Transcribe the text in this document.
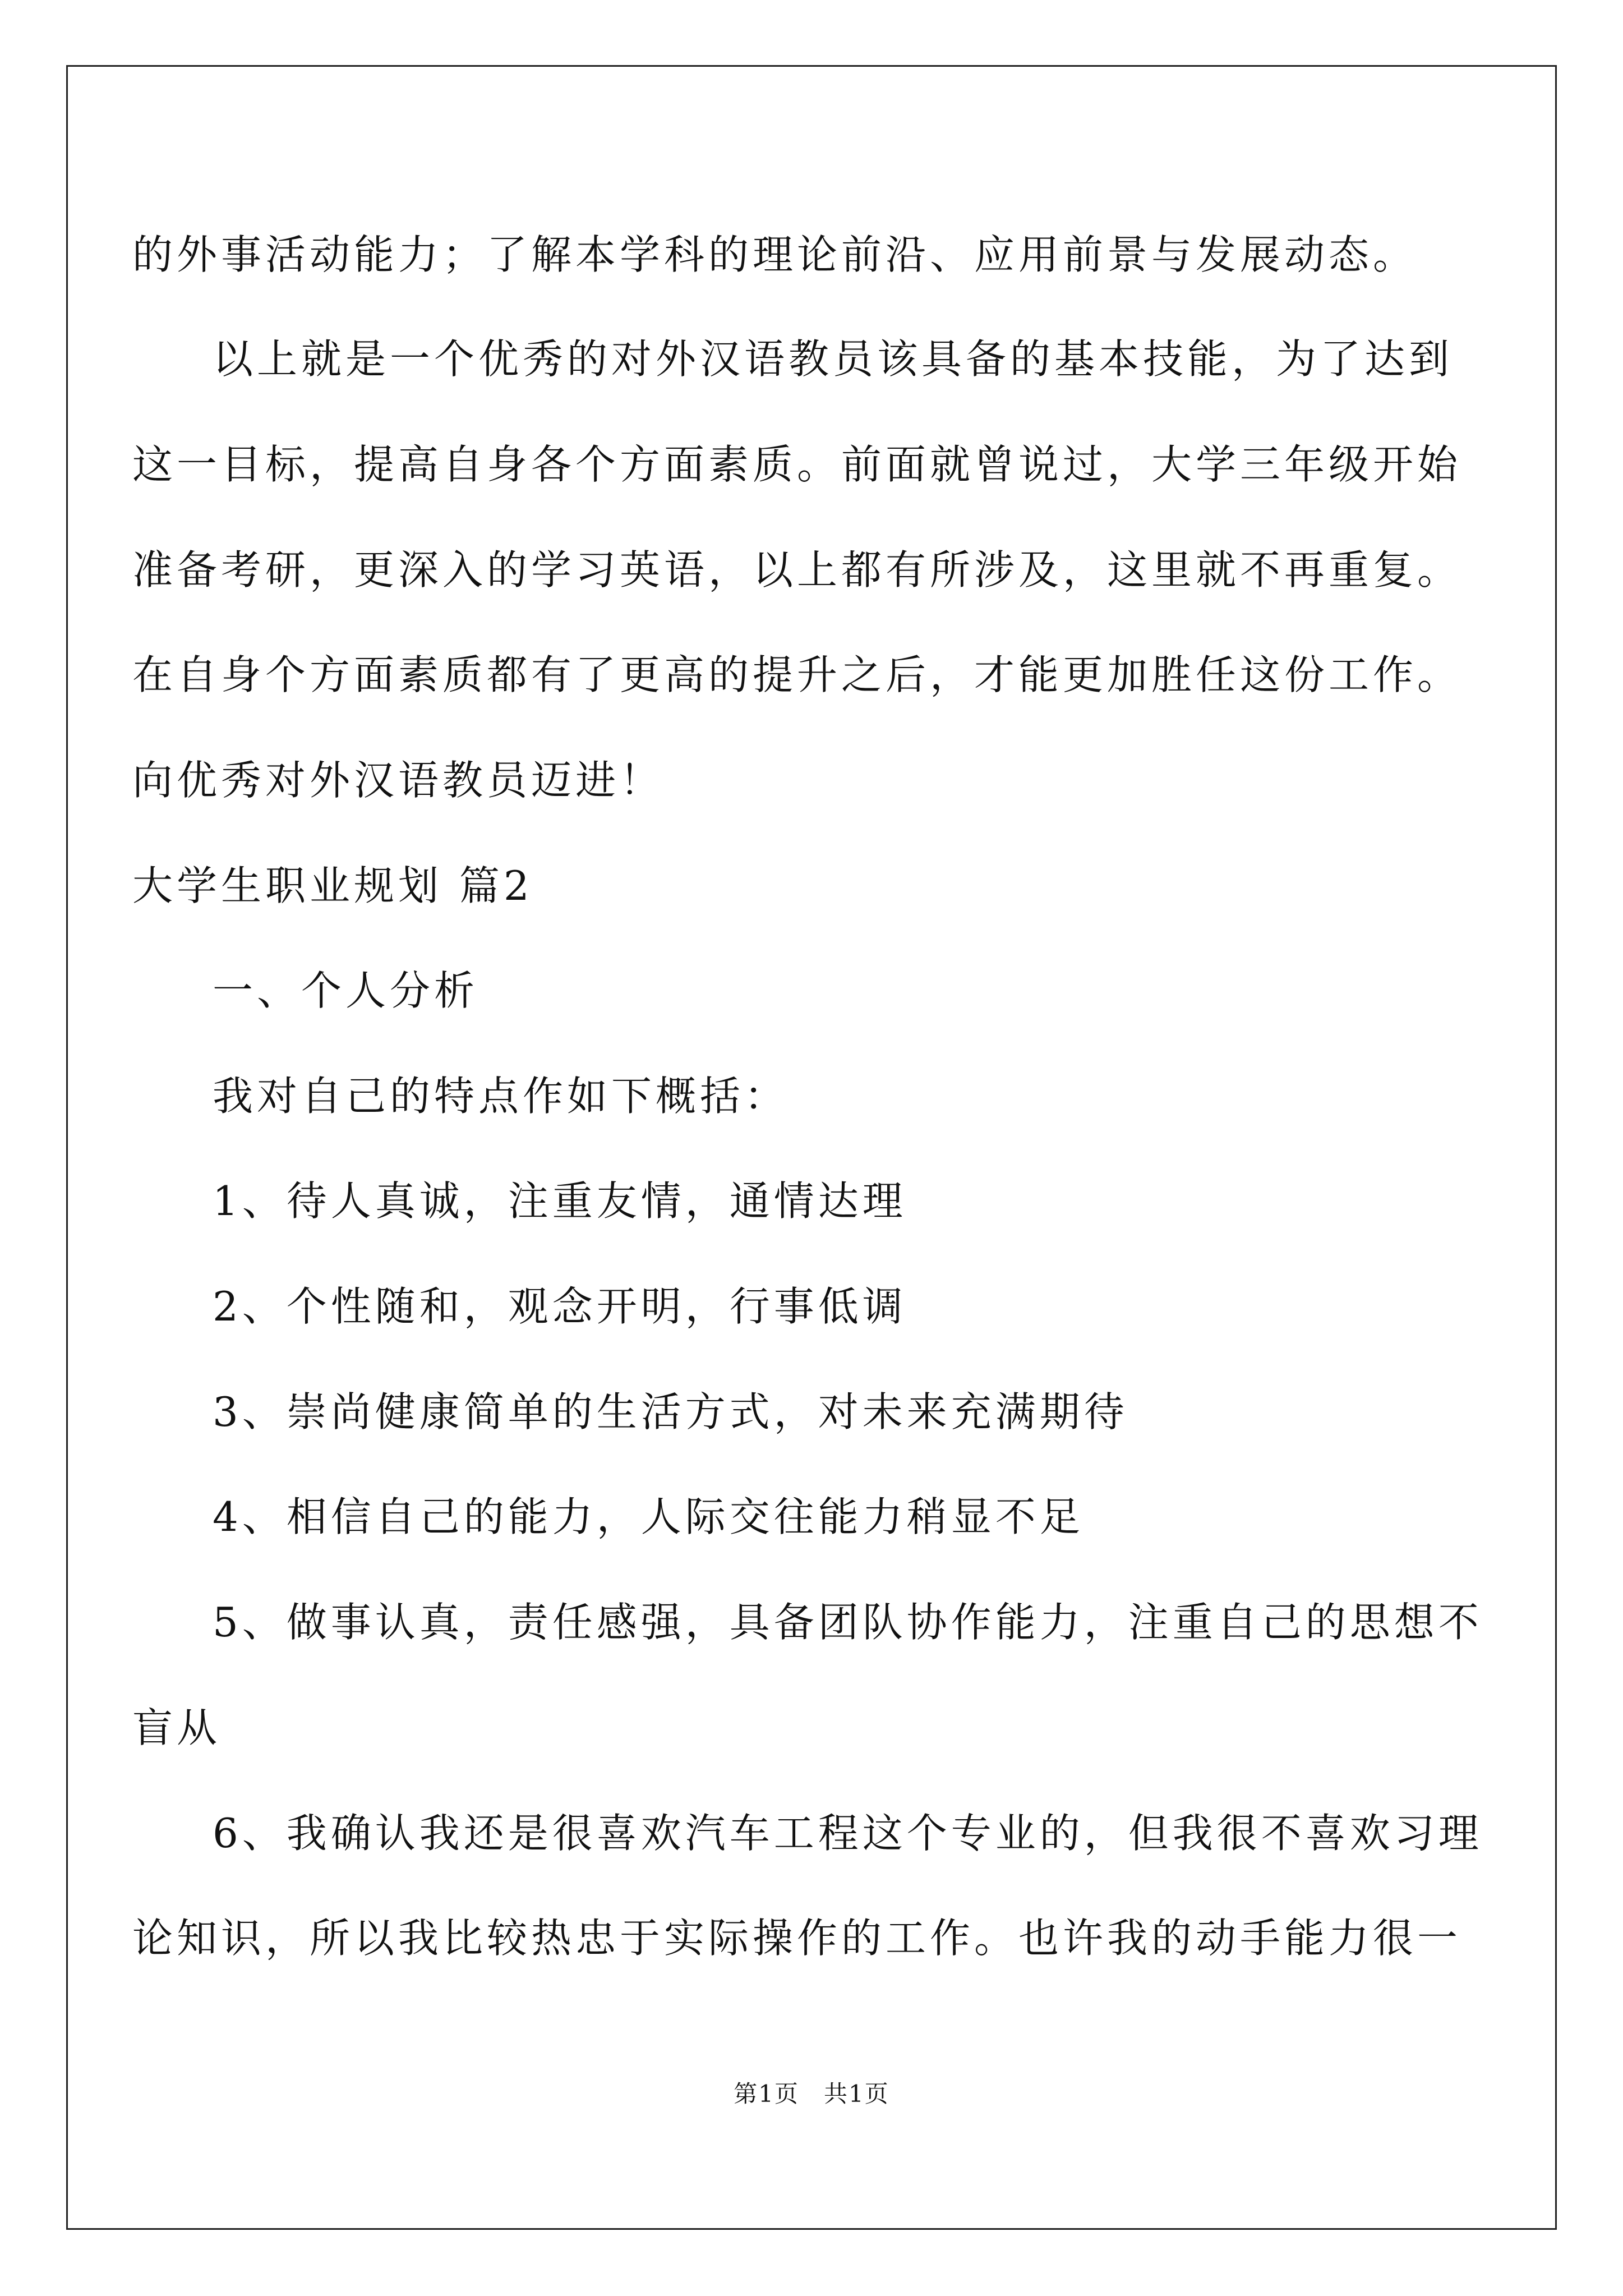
的外事活动能力；了解本学科的理论前沿、应用前景与发展动态。
以上就是一个优秀的对外汉语教员该具备的基本技能，为了达到
这一目标，提高自身各个方面素质。前面就曾说过，大学三年级开始
准备考研，更深入的学习英语，以上都有所涉及，这里就不再重复。
在自身个方面素质都有了更高的提升之后，才能更加胜任这份工作。
向优秀对外汉语教员迈进！
大学生职业规划 篇2
一、个人分析
我对自己的特点作如下概括：
1、待人真诚，注重友情，通情达理
2、个性随和，观念开明，行事低调
3、崇尚健康简单的生活方式，对未来充满期待
4、相信自己的能力，人际交往能力稍显不足
5、做事认真，责任感强，具备团队协作能力，注重自己的思想不
盲从
6、我确认我还是很喜欢汽车工程这个专业的，但我很不喜欢习理
论知识，所以我比较热忠于实际操作的工作。也许我的动手能力很一
第1页　共1页
